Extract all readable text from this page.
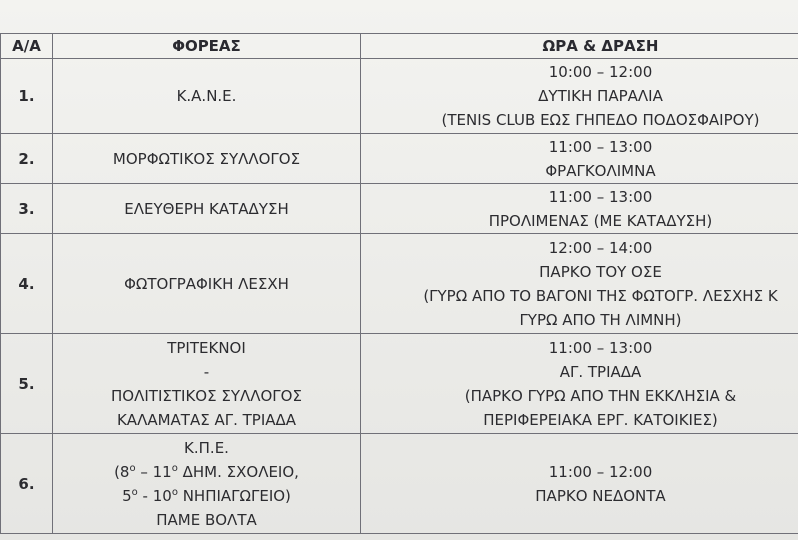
Α/Α	ΦΟΡΕΑΣ	ΩΡΑ & ΔΡΑΣΗ
1.	Κ.Α.Ν.Ε.	10:00 – 12:00
ΔΥΤΙΚΗ ΠΑΡΑΛΙΑ
(TENIS CLUB ΕΩΣ ΓΗΠΕΔΟ ΠΟΔΟΣΦΑΙΡΟΥ)

2.	ΜΟΡΦΩΤΙΚΟΣ ΣΥΛΛΟΓΟΣ	11:00 – 13:00
ΦΡΑΓΚΟΛΙΜΝΑ

3.	ΕΛΕΥΘΕΡΗ ΚΑΤΑΔΥΣΗ	11:00 – 13:00
ΠΡΟΛΙΜΕΝΑΣ (ΜΕ ΚΑΤΑΔΥΣΗ)

4.	ΦΩΤΟΓΡΑΦΙΚΗ ΛΕΣΧΗ	12:00 – 14:00
ΠΑΡΚΟ ΤΟΥ ΟΣΕ
(ΓΥΡΩ ΑΠΟ ΤΟ ΒΑΓΟΝΙ ΤΗΣ ΦΩΤΟΓΡ. ΛΕΣΧΗΣ Κ
ΓΥΡΩ ΑΠΟ ΤΗ ΛΙΜΝΗ)

5.	ΤΡΙΤΕΚΝΟΙ
-
ΠΟΛΙΤΙΣΤΙΚΟΣ ΣΥΛΛΟΓΟΣ
ΚΑΛΑΜΑΤΑΣ ΑΓ. ΤΡΙΑΔΑ	11:00 – 13:00
ΑΓ. ΤΡΙΑΔΑ
(ΠΑΡΚΟ ΓΥΡΩ ΑΠΟ ΤΗΝ ΕΚΚΛΗΣΙΑ &
ΠΕΡΙΦΕΡΕΙΑΚΑ ΕΡΓ. ΚΑΤΟΙΚΙΕΣ)

6.	Κ.Π.Ε.
($8^o - 11^o$ ΔΗΜ. ΣΧΟΛΕΙΟ,
$5^o - 10^o$ ΝΗΠΙΑΓΩΓΕΙΟ)
ΠΑΜΕ ΒΟΛΤΑ	11:00 – 12:00
ΠΑΡΚΟ ΝΕΔΟΝΤΑ
